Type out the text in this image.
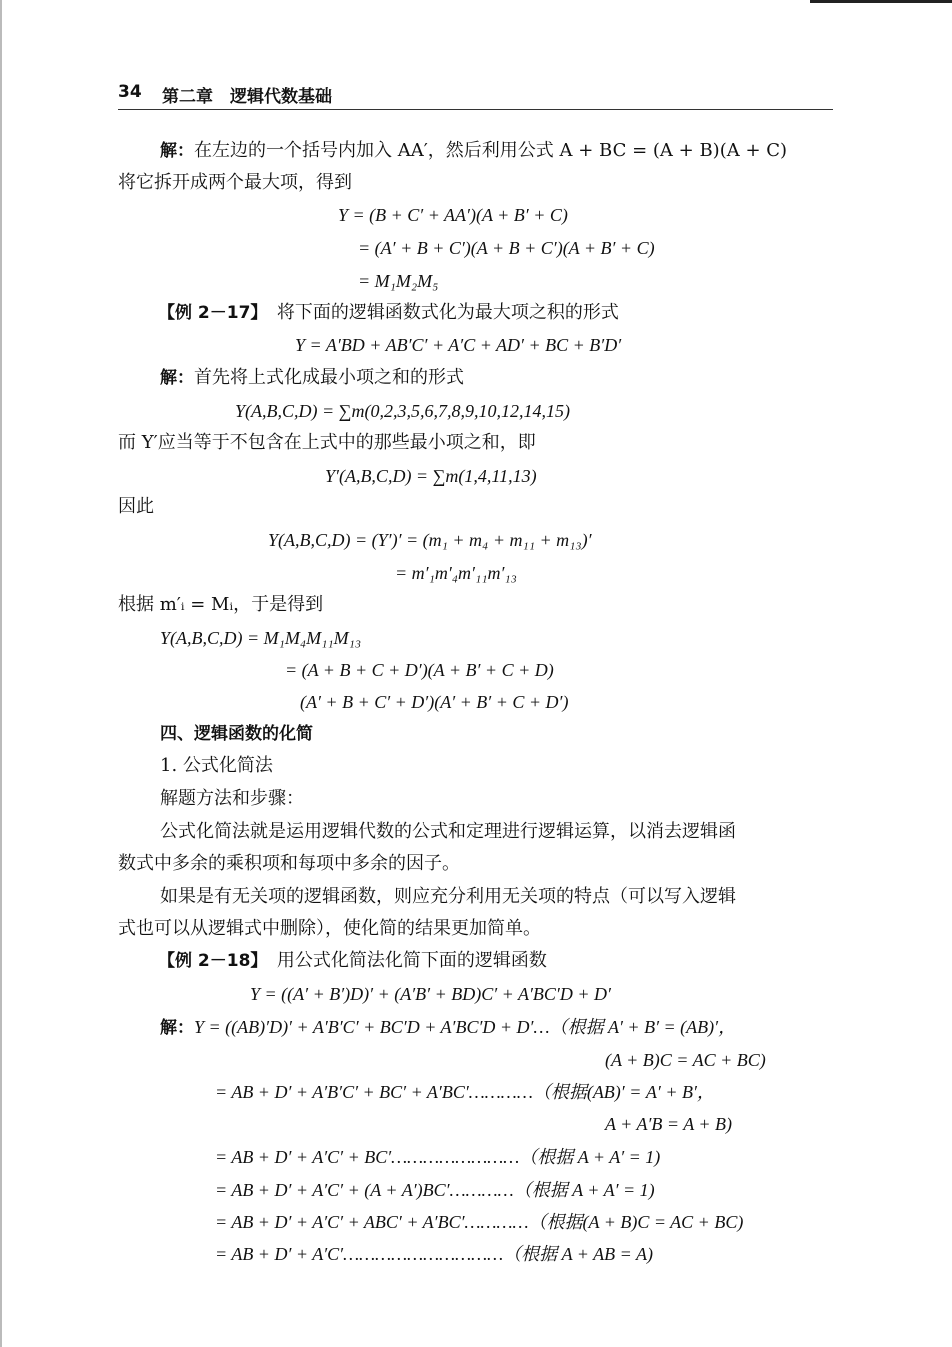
34 第二章　逻辑代数基础
解：在左边的一个括号内加入 AA′，然后利用公式 A + BC = (A + B)(A + C)
将它拆开成两个最大项，得到
Y = (B + C′ + AA′)(A + B′ + C)
= (A′ + B + C′)(A + B + C′)(A + B′ + C)
= M₁M₂M₅
【例 2－17】　将下面的逻辑函数式化为最大项之积的形式
Y = A′BD + AB′C′ + A′C + AD′ + BC + B′D′
解：首先将上式化成最小项之和的形式
Y(A,B,C,D) = ∑m(0,2,3,5,6,7,8,9,10,12,14,15)
而 Y′应当等于不包含在上式中的那些最小项之和，即
Y′(A,B,C,D) = ∑m(1,4,11,13)
因此
Y(A,B,C,D) = (Y′)′ = (m₁ + m₄ + m₁₁ + m₁₃)′
= m′₁m′₄m′₁₁m′₁₃
根据 m′ᵢ = Mᵢ，于是得到
Y(A,B,C,D) = M₁M₄M₁₁M₁₃
= (A + B + C + D′)(A + B′ + C + D)
(A′ + B + C′ + D′)(A′ + B′ + C + D′)
四、逻辑函数的化简
1. 公式化简法
解题方法和步骤：
公式化简法就是运用逻辑代数的公式和定理进行逻辑运算，以消去逻辑函
数式中多余的乘积项和每项中多余的因子。
如果是有无关项的逻辑函数，则应充分利用无关项的特点（可以写入逻辑
式也可以从逻辑式中删除），使化简的结果更加简单。
【例 2－18】　用公式化简法化简下面的逻辑函数
Y = ((A′ + B′)D)′ + (A′B′ + BD)C′ + A′BC′D + D′
解：Y = ((AB)′D)′ + A′B′C′ + BC′D + A′BC′D + D′…（根据 A′ + B′ = (AB)′，
(A + B)C = AC + BC)
= AB + D′ + A′B′C′ + BC′ + A′BC′…………（根据(AB)′ = A′ + B′，
A + A′B = A + B)
= AB + D′ + A′C′ + BC′……………………（根据 A + A′ = 1)
= AB + D′ + A′C′ + (A + A′)BC′…………（根据 A + A′ = 1)
= AB + D′ + A′C′ + ABC′ + A′BC′…………（根据(A + B)C = AC + BC)
= AB + D′ + A′C′…………………………（根据 A + AB = A)
